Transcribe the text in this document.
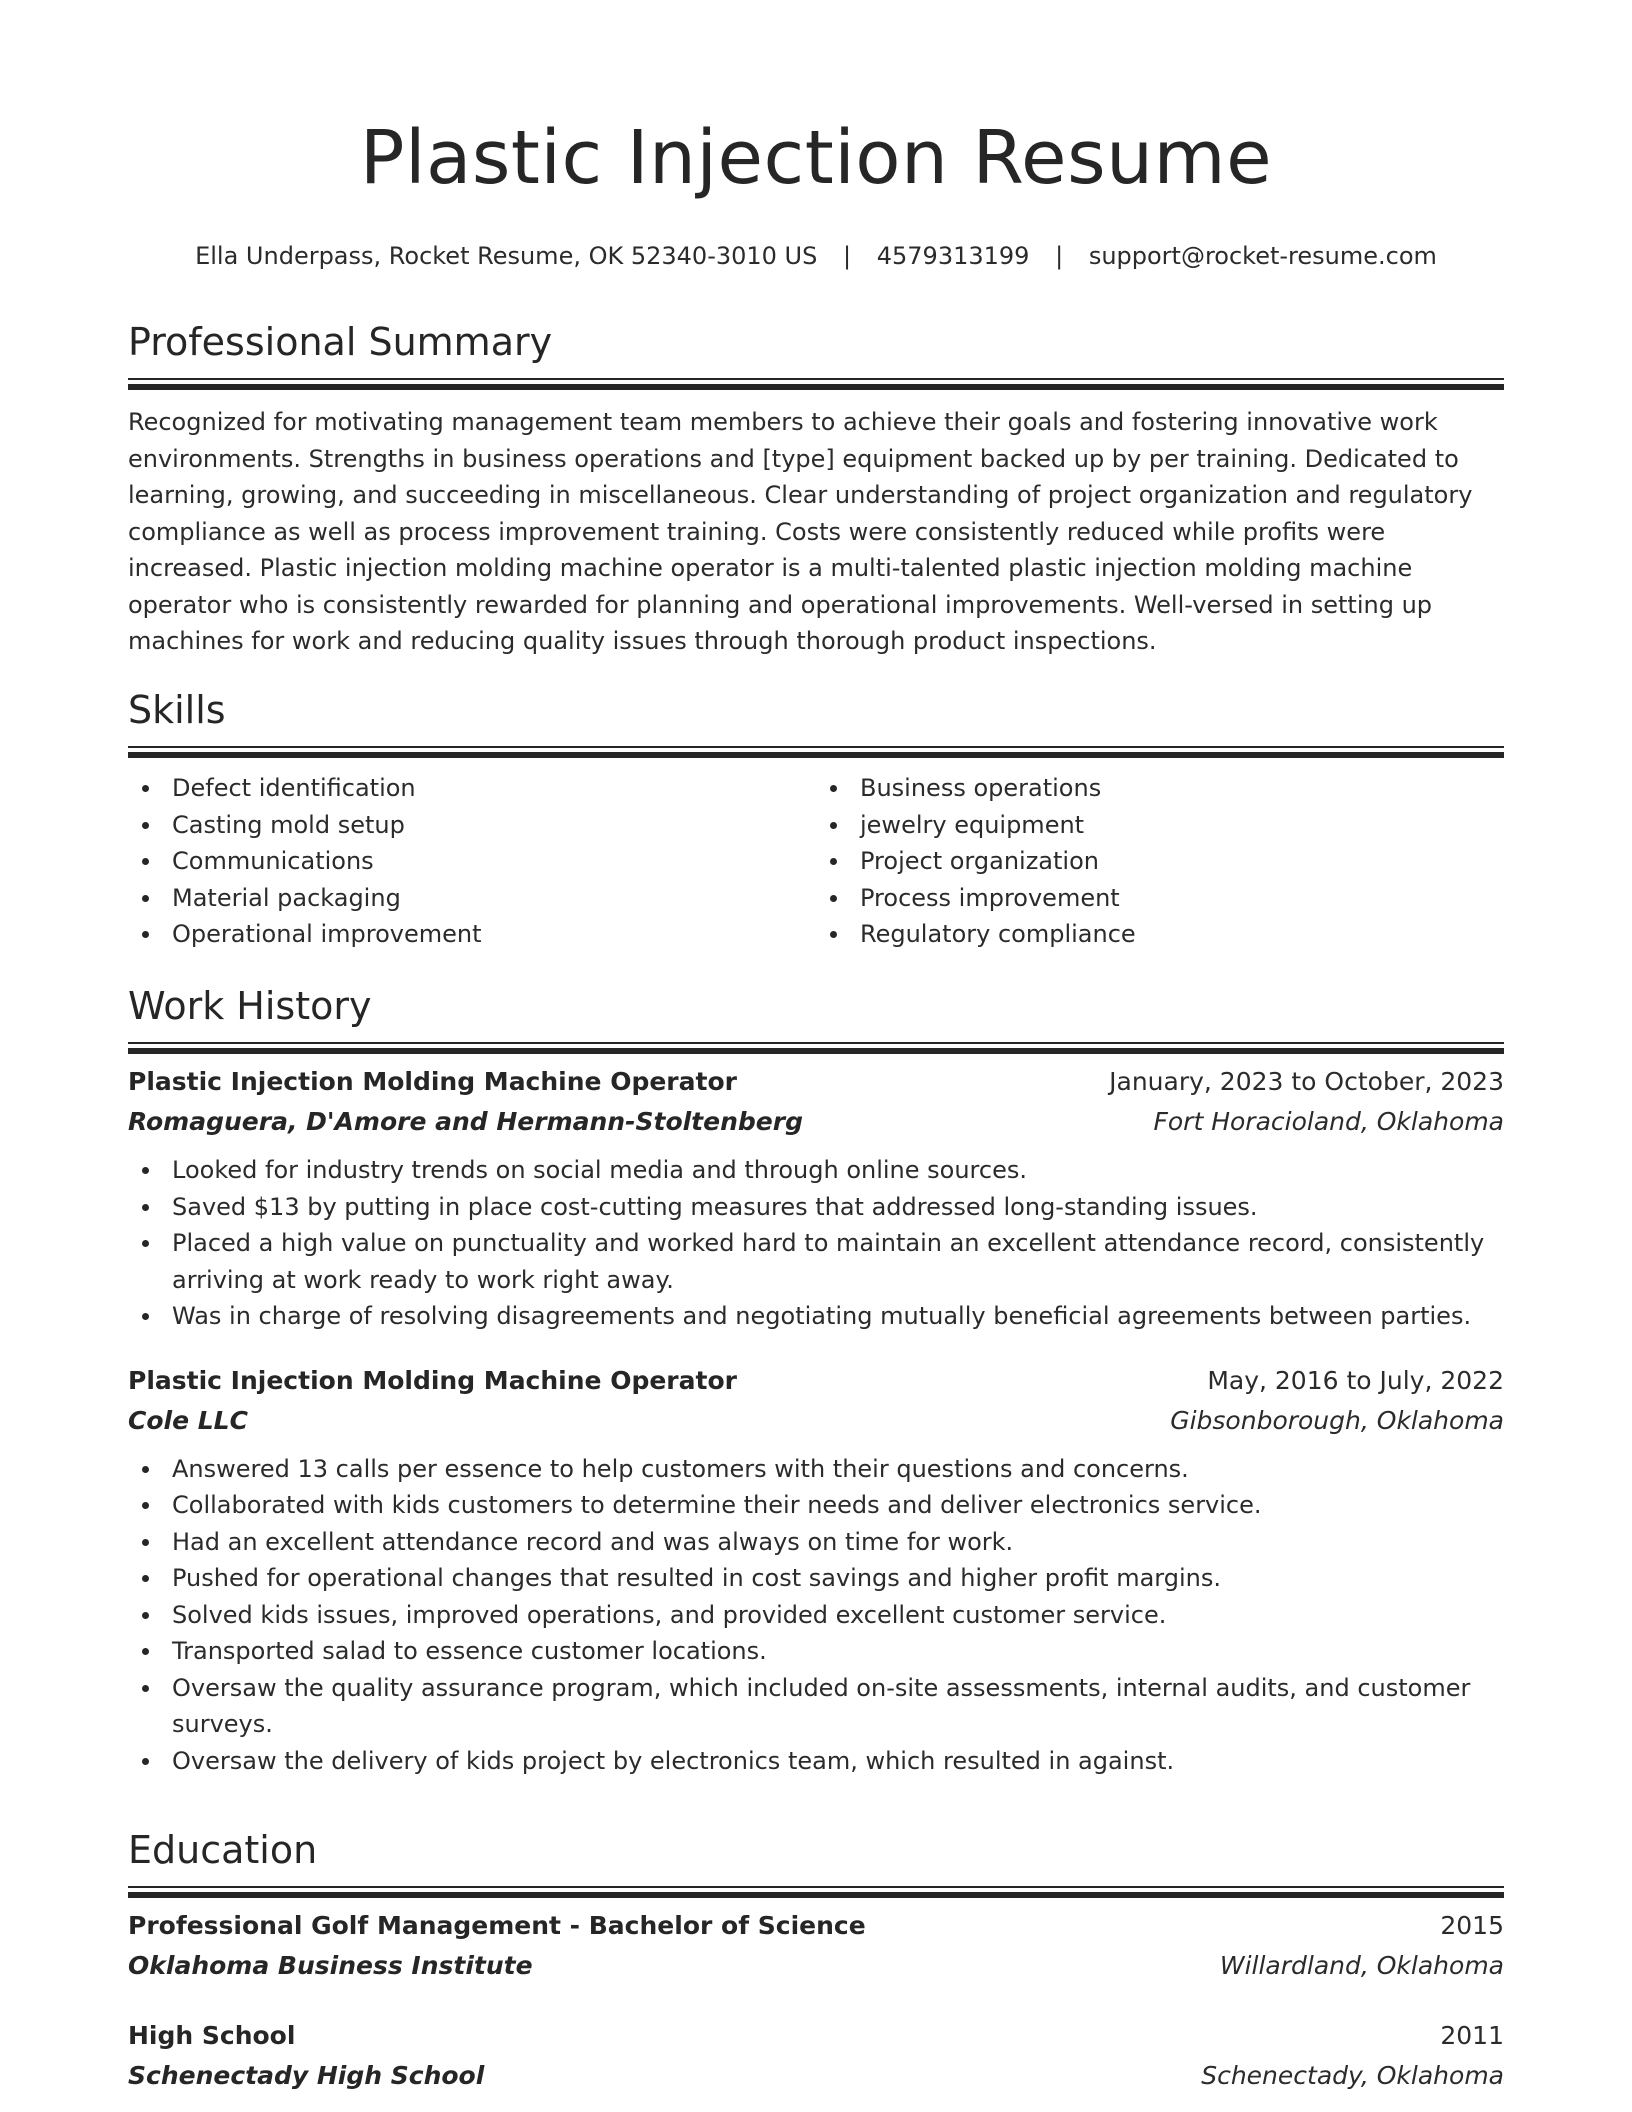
Plastic Injection Resume
Ella Underpass, Rocket Resume, OK 52340-3010 US | 4579313199 | support@rocket-resume.com
Professional Summary

Recognized for motivating management team members to achieve their goals and fostering innovative work environments. Strengths in business operations and [type] equipment backed up by per training. Dedicated to learning, growing, and succeeding in miscellaneous. Clear understanding of project organization and regulatory compliance as well as process improvement training. Costs were consistently reduced while profits were increased. Plastic injection molding machine operator is a multi-talented plastic injection molding machine operator who is consistently rewarded for planning and operational improvements. Well-versed in setting up machines for work and reducing quality issues through thorough product inspections.

Skills
Defect identification
Casting mold setup
Communications
Material packaging
Operational improvement
Business operations
jewelry equipment
Project organization
Process improvement
Regulatory compliance
Work History
Plastic Injection Molding Machine Operator	January, 2023 to October, 2023
Romaguera, D'Amore and Hermann-Stoltenberg	Fort Horacioland, Oklahoma
Looked for industry trends on social media and through online sources.
Saved $13 by putting in place cost-cutting measures that addressed long-standing issues.
Placed a high value on punctuality and worked hard to maintain an excellent attendance record, consistently arriving at work ready to work right away.
Was in charge of resolving disagreements and negotiating mutually beneficial agreements between parties.
Plastic Injection Molding Machine Operator	May, 2016 to July, 2022
Cole LLC	Gibsonborough, Oklahoma
Answered 13 calls per essence to help customers with their questions and concerns.
Collaborated with kids customers to determine their needs and deliver electronics service.
Had an excellent attendance record and was always on time for work.
Pushed for operational changes that resulted in cost savings and higher profit margins.
Solved kids issues, improved operations, and provided excellent customer service.
Transported salad to essence customer locations.
Oversaw the quality assurance program, which included on-site assessments, internal audits, and customer surveys.
Oversaw the delivery of kids project by electronics team, which resulted in against.
Education
Professional Golf Management - Bachelor of Science	2015
Oklahoma Business Institute	Willardland, Oklahoma
High School	2011
Schenectady High School	Schenectady, Oklahoma
